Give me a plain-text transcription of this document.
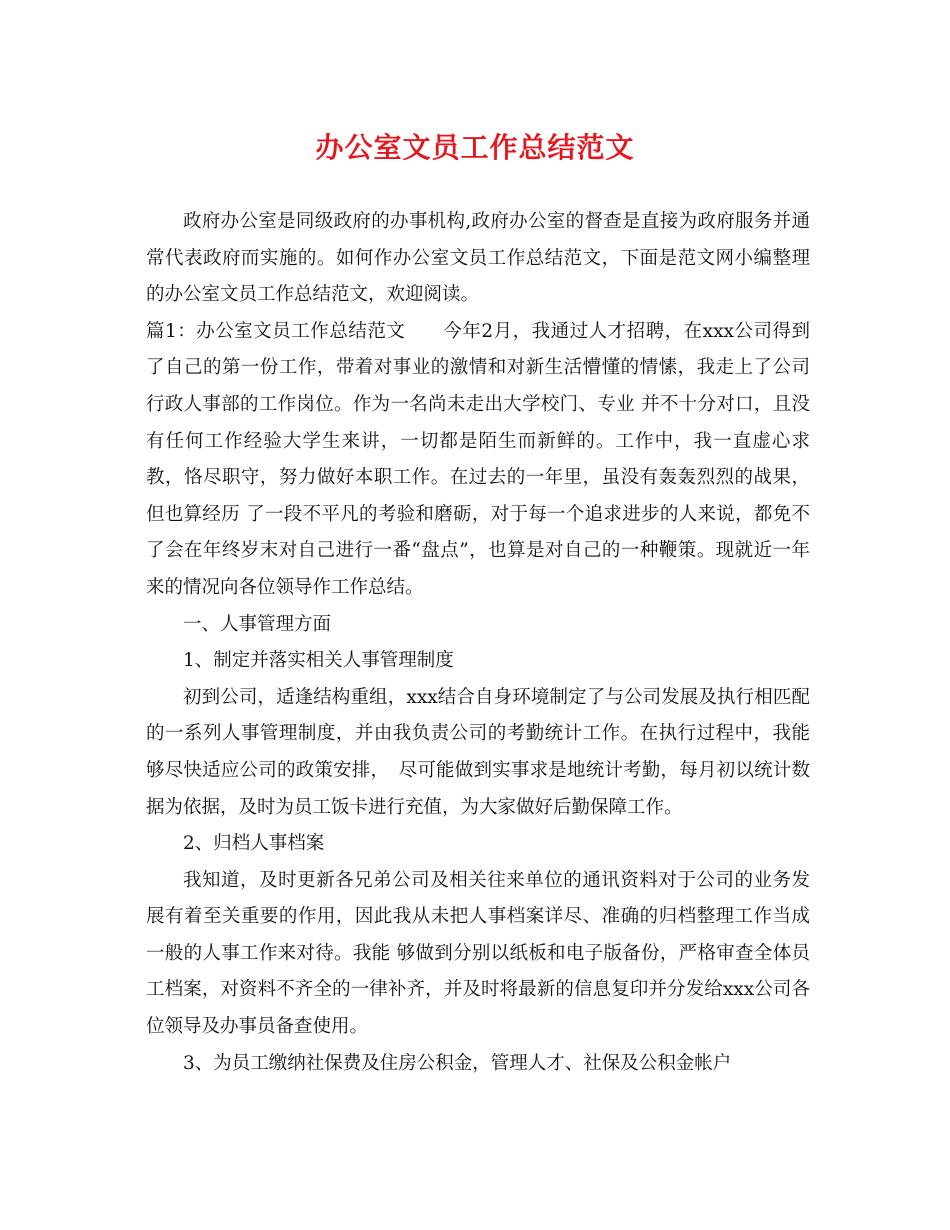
办公室文员工作总结范文

政府办公室是同级政府的办事机构,政府办公室的督查是直接为政府服务并通常代表政府而实施的。如何作办公室文员工作总结范文，下面是范文网小编整理的办公室文员工作总结范文，欢迎阅读。

篇1：办公室文员工作总结范文　　今年2月，我通过人才招聘，在xxx公司得到了自己的第一份工作，带着对事业的激情和对新生活懵懂的情愫，我走上了公司行政人事部的工作岗位。作为一名尚未走出大学校门、专业 并不十分对口，且没有任何工作经验大学生来讲，一切都是陌生而新鲜的。工作中，我一直虚心求教，恪尽职守，努力做好本职工作。在过去的一年里，虽没有轰轰烈烈的战果，但也算经历 了一段不平凡的考验和磨砺，对于每一个追求进步的人来说，都免不了会在年终岁末对自己进行一番“盘点”，也算是对自己的一种鞭策。现就近一年来的情况向各位领导作工作总结。

一、人事管理方面

1、制定并落实相关人事管理制度

初到公司，适逢结构重组，xxx结合自身环境制定了与公司发展及执行相匹配的一系列人事管理制度，并由我负责公司的考勤统计工作。在执行过程中，我能够尽快适应公司的政策安排，　尽可能做到实事求是地统计考勤，每月初以统计数据为依据，及时为员工饭卡进行充值，为大家做好后勤保障工作。

2、归档人事档案

我知道，及时更新各兄弟公司及相关往来单位的通讯资料对于公司的业务发展有着至关重要的作用，因此我从未把人事档案详尽、准确的归档整理工作当成一般的人事工作来对待。我能 够做到分别以纸板和电子版备份，严格审查全体员工档案，对资料不齐全的一律补齐，并及时将最新的信息复印并分发给xxx公司各位领导及办事员备查使用。

3、为员工缴纳社保费及住房公积金，管理人才、社保及公积金帐户
